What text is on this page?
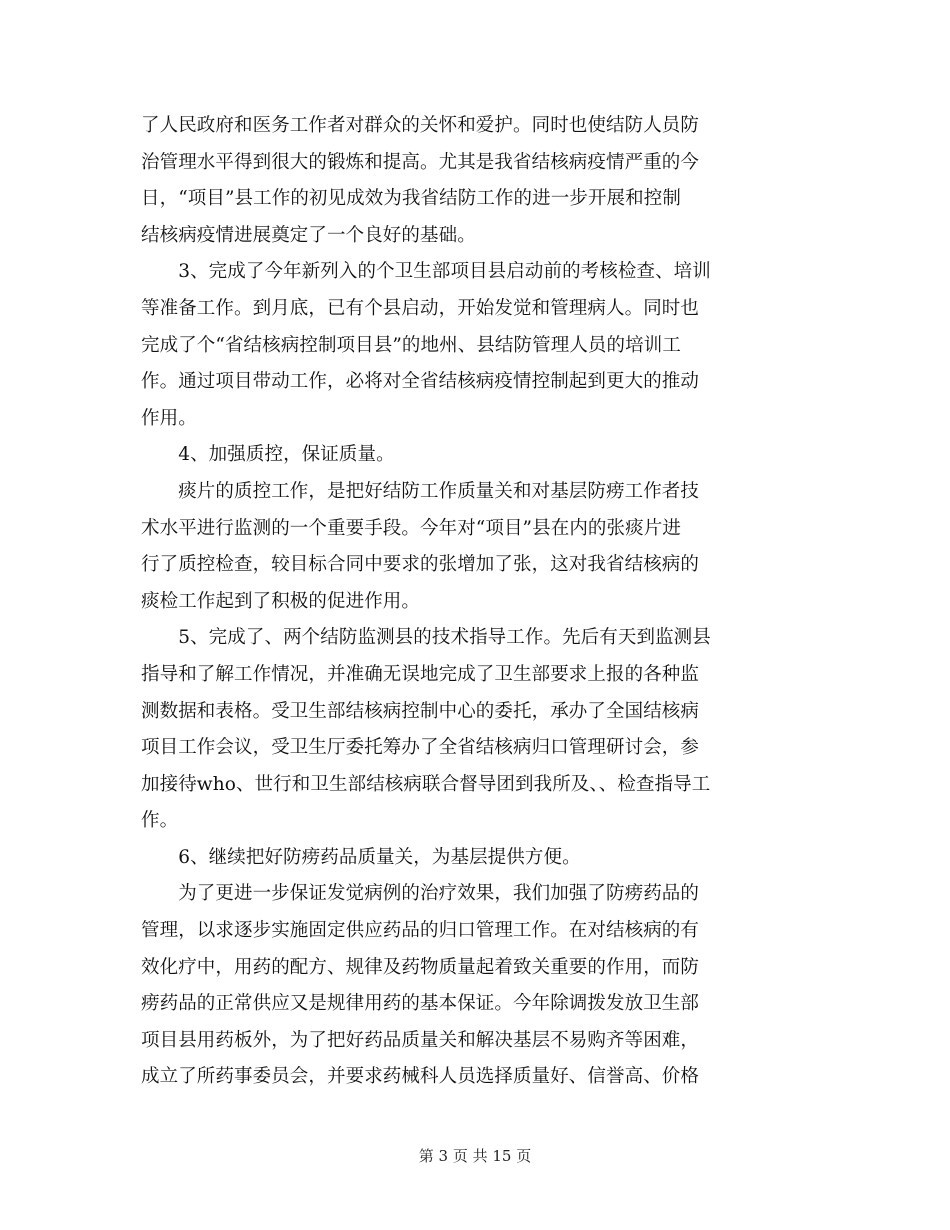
了人民政府和医务工作者对群众的关怀和爱护。同时也使结防人员防
治管理水平得到很大的锻炼和提高。尤其是我省结核病疫情严重的今
日，“项目”县工作的初见成效为我省结防工作的进一步开展和控制
结核病疫情进展奠定了一个良好的基础。
　　3、完成了今年新列入的个卫生部项目县启动前的考核检查、培训
等准备工作。到月底，已有个县启动，开始发觉和管理病人。同时也
完成了个“省结核病控制项目县”的地州、县结防管理人员的培训工
作。通过项目带动工作，必将对全省结核病疫情控制起到更大的推动
作用。
　　4、加强质控，保证质量。
　　痰片的质控工作，是把好结防工作质量关和对基层防痨工作者技
术水平进行监测的一个重要手段。今年对“项目”县在内的张痰片进
行了质控检查，较目标合同中要求的张增加了张，这对我省结核病的
痰检工作起到了积极的促进作用。
　　5、完成了、两个结防监测县的技术指导工作。先后有天到监测县
指导和了解工作情况，并准确无误地完成了卫生部要求上报的各种监
测数据和表格。受卫生部结核病控制中心的委托，承办了全国结核病
项目工作会议，受卫生厅委托筹办了全省结核病归口管理研讨会，参
加接待who、世行和卫生部结核病联合督导团到我所及、、检查指导工
作。
　　6、继续把好防痨药品质量关，为基层提供方便。
　　为了更进一步保证发觉病例的治疗效果，我们加强了防痨药品的
管理，以求逐步实施固定供应药品的归口管理工作。在对结核病的有
效化疗中，用药的配方、规律及药物质量起着致关重要的作用，而防
痨药品的正常供应又是规律用药的基本保证。今年除调拨发放卫生部
项目县用药板外，为了把好药品质量关和解决基层不易购齐等困难，
成立了所药事委员会，并要求药械科人员选择质量好、信誉高、价格
第 3 页 共 15 页
